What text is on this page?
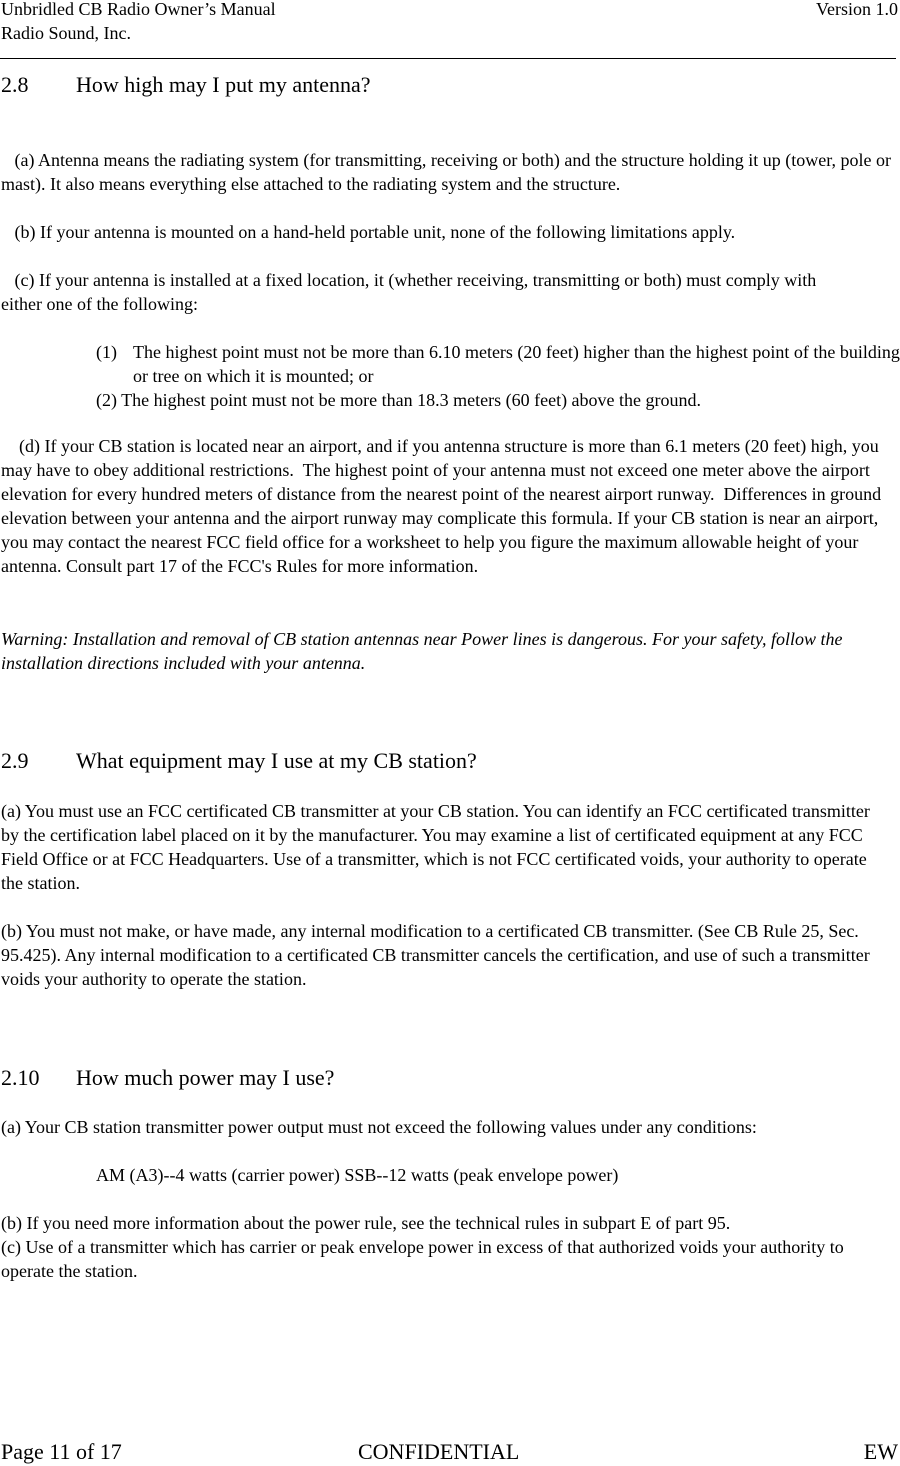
Unbridled CB Radio Owner’s Manual
Radio Sound, Inc.
Version 1.0
2.8 How high may I put my antenna?
(a) Antenna means the radiating system (for transmitting, receiving or both) and the structure holding it up (tower, pole or mast). It also means everything else attached to the radiating system and the structure.
(b) If your antenna is mounted on a hand-held portable unit, none of the following limitations apply.
(c) If your antenna is installed at a fixed location, it (whether receiving, transmitting or both) must comply with either one of the following:
(1) The highest point must not be more than 6.10 meters (20 feet) higher than the highest point of the building or tree on which it is mounted; or
(2) The highest point must not be more than 18.3 meters (60 feet) above the ground.
(d) If your CB station is located near an airport, and if you antenna structure is more than 6.1 meters (20 feet) high, you may have to obey additional restrictions.  The highest point of your antenna must not exceed one meter above the airport elevation for every hundred meters of distance from the nearest point of the nearest airport runway.  Differences in ground elevation between your antenna and the airport runway may complicate this formula. If your CB station is near an airport, you may contact the nearest FCC field office for a worksheet to help you figure the maximum allowable height of your antenna. Consult part 17 of the FCC's Rules for more information.
Warning: Installation and removal of CB station antennas near Power lines is dangerous. For your safety, follow the installation directions included with your antenna.
2.9 What equipment may I use at my CB station?
(a) You must use an FCC certificated CB transmitter at your CB station. You can identify an FCC certificated transmitter by the certification label placed on it by the manufacturer. You may examine a list of certificated equipment at any FCC Field Office or at FCC Headquarters. Use of a transmitter, which is not FCC certificated voids, your authority to operate the station.
(b) You must not make, or have made, any internal modification to a certificated CB transmitter. (See CB Rule 25, Sec. 95.425). Any internal modification to a certificated CB transmitter cancels the certification, and use of such a transmitter voids your authority to operate the station.
2.10 How much power may I use?
(a) Your CB station transmitter power output must not exceed the following values under any conditions:
AM (A3)--4 watts (carrier power) SSB--12 watts (peak envelope power)
(b) If you need more information about the power rule, see the technical rules in subpart E of part 95.
(c) Use of a transmitter which has carrier or peak envelope power in excess of that authorized voids your authority to operate the station.
Page 11 of 17	CONFIDENTIAL	EW
